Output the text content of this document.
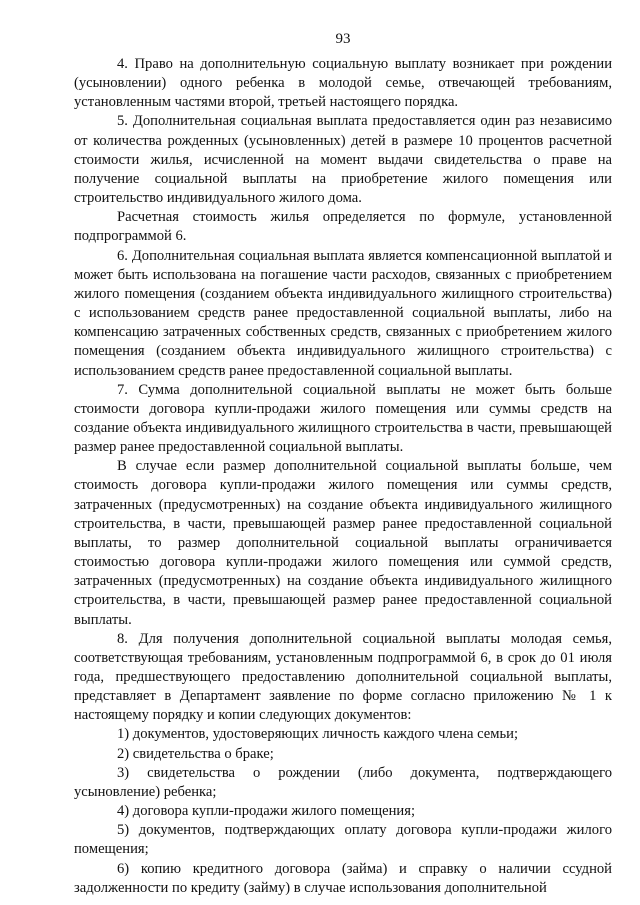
93

4. Право на дополнительную социальную выплату возникает при рождении (усыновлении) одного ребенка в молодой семье, отвечающей требованиям, установленным частями второй, третьей настоящего порядка.

5. Дополнительная социальная выплата предоставляется один раз независимо от количества рожденных (усыновленных) детей в размере 10 процентов расчетной стоимости жилья, исчисленной на момент выдачи свидетельства о праве на получение социальной выплаты на приобретение жилого помещения или строительство индивидуального жилого дома.

Расчетная стоимость жилья определяется по формуле, установленной подпрограммой 6.

6. Дополнительная социальная выплата является компенсационной выплатой и может быть использована на погашение части расходов, связанных с приобретением жилого помещения (созданием объекта индивидуального жилищного строительства) с использованием средств ранее предоставленной социальной выплаты, либо на компенсацию затраченных собственных средств, связанных с приобретением жилого помещения (созданием объекта индивидуального жилищного строительства) с использованием средств ранее предоставленной социальной выплаты.

7. Сумма дополнительной социальной выплаты не может быть больше стоимости договора купли-продажи жилого помещения или суммы средств на создание объекта индивидуального жилищного строительства в части, превышающей размер ранее предоставленной социальной выплаты.

В случае если размер дополнительной социальной выплаты больше, чем стоимость договора купли-продажи жилого помещения или суммы средств, затраченных (предусмотренных) на создание объекта индивидуального жилищного строительства, в части, превышающей размер ранее предоставленной социальной выплаты, то размер дополнительной социальной выплаты ограничивается стоимостью договора купли-продажи жилого помещения или суммой средств, затраченных (предусмотренных) на создание объекта индивидуального жилищного строительства, в части, превышающей размер ранее предоставленной социальной выплаты.

8. Для получения дополнительной социальной выплаты молодая семья, соответствующая требованиям, установленным подпрограммой 6, в срок до 01 июля года, предшествующего предоставлению дополнительной социальной выплаты, представляет в Департамент заявление по форме согласно приложению № 1 к настоящему порядку и копии следующих документов:

1) документов, удостоверяющих личность каждого члена семьи;

2) свидетельства о браке;

3) свидетельства о рождении (либо документа, подтверждающего усыновление) ребенка;

4) договора купли-продажи жилого помещения;

5) документов, подтверждающих оплату договора купли-продажи жилого помещения;

6) копию кредитного договора (займа) и справку о наличии ссудной задолженности по кредиту (займу) в случае использования дополнительной
